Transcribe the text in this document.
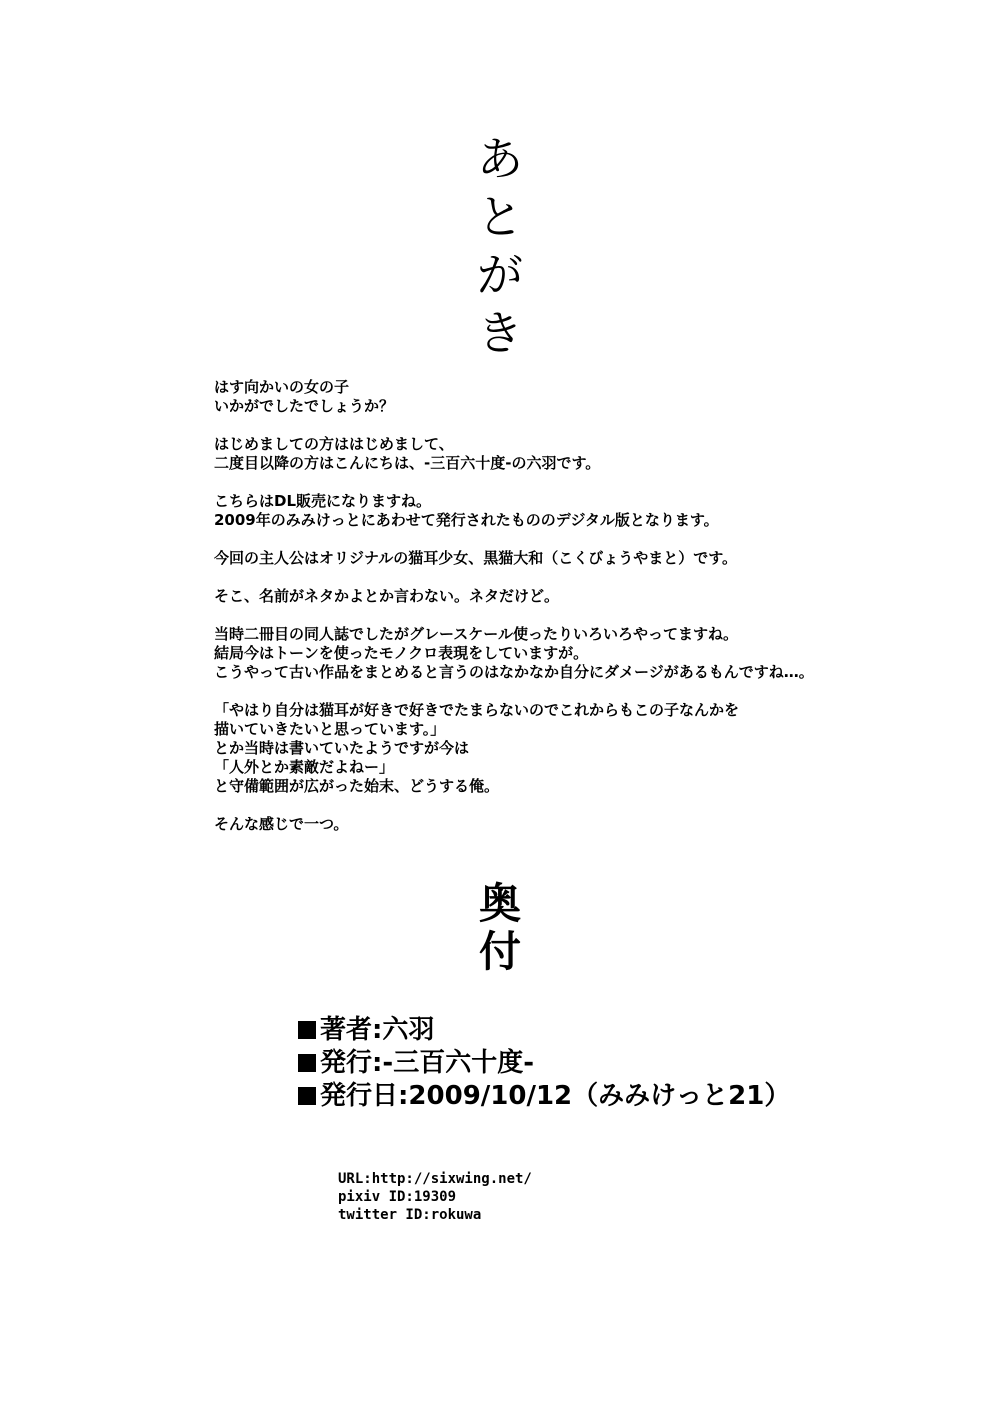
あ
と
が
き
はす向かいの女の子
いかがでしたでしょうか？
はじめましての方ははじめまして、
二度目以降の方はこんにちは、-三百六十度-の六羽です。
こちらはDL販売になりますね。
2009年のみみけっとにあわせて発行されたもののデジタル版となります。
今回の主人公はオリジナルの猫耳少女、黒猫大和（こくびょうやまと）です。
そこ、名前がネタかよとか言わない。ネタだけど。
当時二冊目の同人誌でしたがグレースケール使ったりいろいろやってますね。
結局今はトーンを使ったモノクロ表現をしていますが。
こうやって古い作品をまとめると言うのはなかなか自分にダメージがあるもんですね…。
「やはり自分は猫耳が好きで好きでたまらないのでこれからもこの子なんかを
描いていきたいと思っています。」
とか当時は書いていたようですが今は
「人外とか素敵だよねー」
と守備範囲が広がった始末、どうする俺。
そんな感じで一つ。
奥
付
著者:六羽
発行:-三百六十度-
発行日:2009/10/12（みみけっと21）
URL:http://sixwing.net/
pixiv ID:19309
twitter ID:rokuwa
